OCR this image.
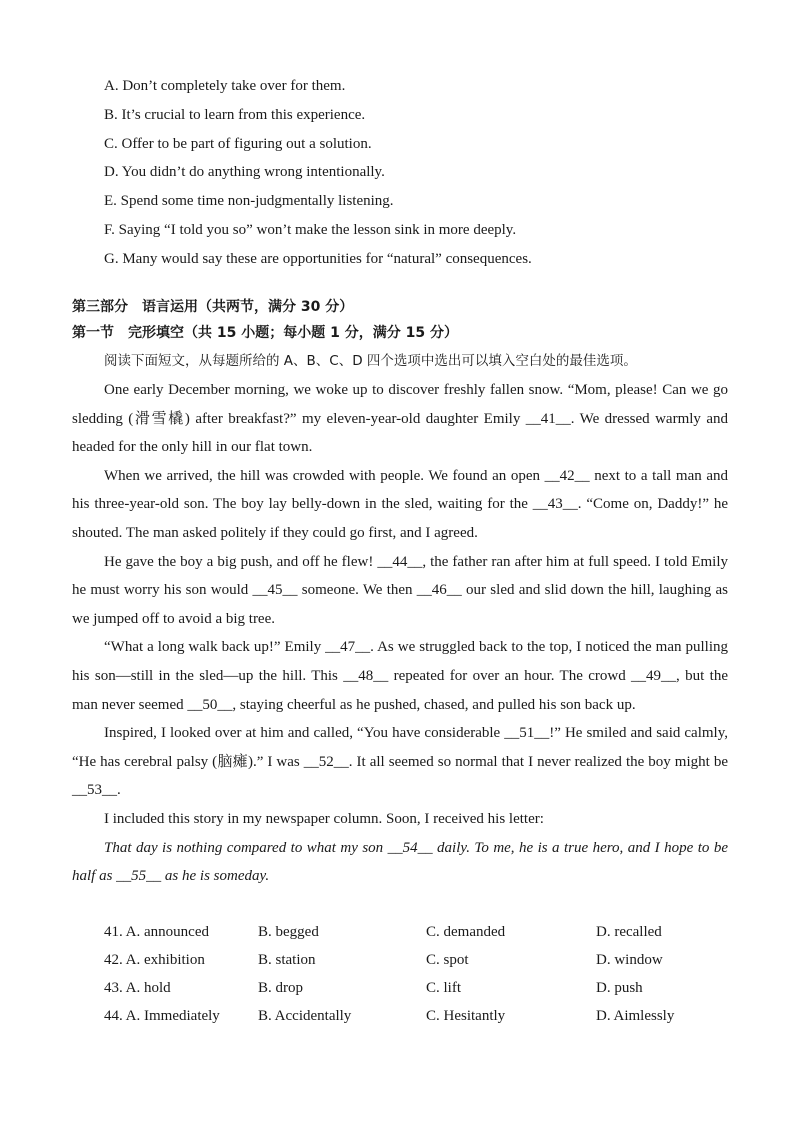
A. Don’t completely take over for them.
B. It’s crucial to learn from this experience.
C. Offer to be part of figuring out a solution.
D. You didn’t do anything wrong intentionally.
E. Spend some time non-judgmentally listening.
F. Saying “I told you so” won’t make the lesson sink in more deeply.
G. Many would say these are opportunities for “natural” consequences.
第三部分　语言运用（共两节，满分 30 分）
第一节　完形填空（共 15 小题；每小题 1 分，满分 15 分）
阅读下面短文，从每题所给的 A、B、C、D 四个选项中选出可以填入空白处的最佳选项。

One early December morning, we woke up to discover freshly fallen snow. “Mom, please! Can we go sledding (滑雪橇) after breakfast?” my eleven-year-old daughter Emily __41__. We dressed warmly and headed for the only hill in our flat town.

When we arrived, the hill was crowded with people. We found an open __42__ next to a tall man and his three-year-old son. The boy lay belly-down in the sled, waiting for the __43__. “Come on, Daddy!” he shouted. The man asked politely if they could go first, and I agreed.

He gave the boy a big push, and off he flew! __44__, the father ran after him at full speed. I told Emily he must worry his son would __45__ someone. We then __46__ our sled and slid down the hill, laughing as we jumped off to avoid a big tree.

“What a long walk back up!” Emily __47__. As we struggled back to the top, I noticed the man pulling his son—still in the sled—up the hill. This __48__ repeated for over an hour. The crowd __49__, but the man never seemed __50__, staying cheerful as he pushed, chased, and pulled his son back up.

Inspired, I looked over at him and called, “You have considerable __51__!” He smiled and said calmly, “He has cerebral palsy (脑瘫).” I was __52__. It all seemed so normal that I never realized the boy might be __53__.

I included this story in my newspaper column. Soon, I received his letter:

That day is nothing compared to what my son __54__ daily. To me, he is a true hero, and I hope to be half as __55__ as he is someday.

41. A. announced	B. begged	C. demanded	D. recalled
42. A. exhibition	B. station	C. spot	D. window
43. A. hold	B. drop	C. lift	D. push
44. A. Immediately	B. Accidentally	C. Hesitantly	D. Aimlessly
